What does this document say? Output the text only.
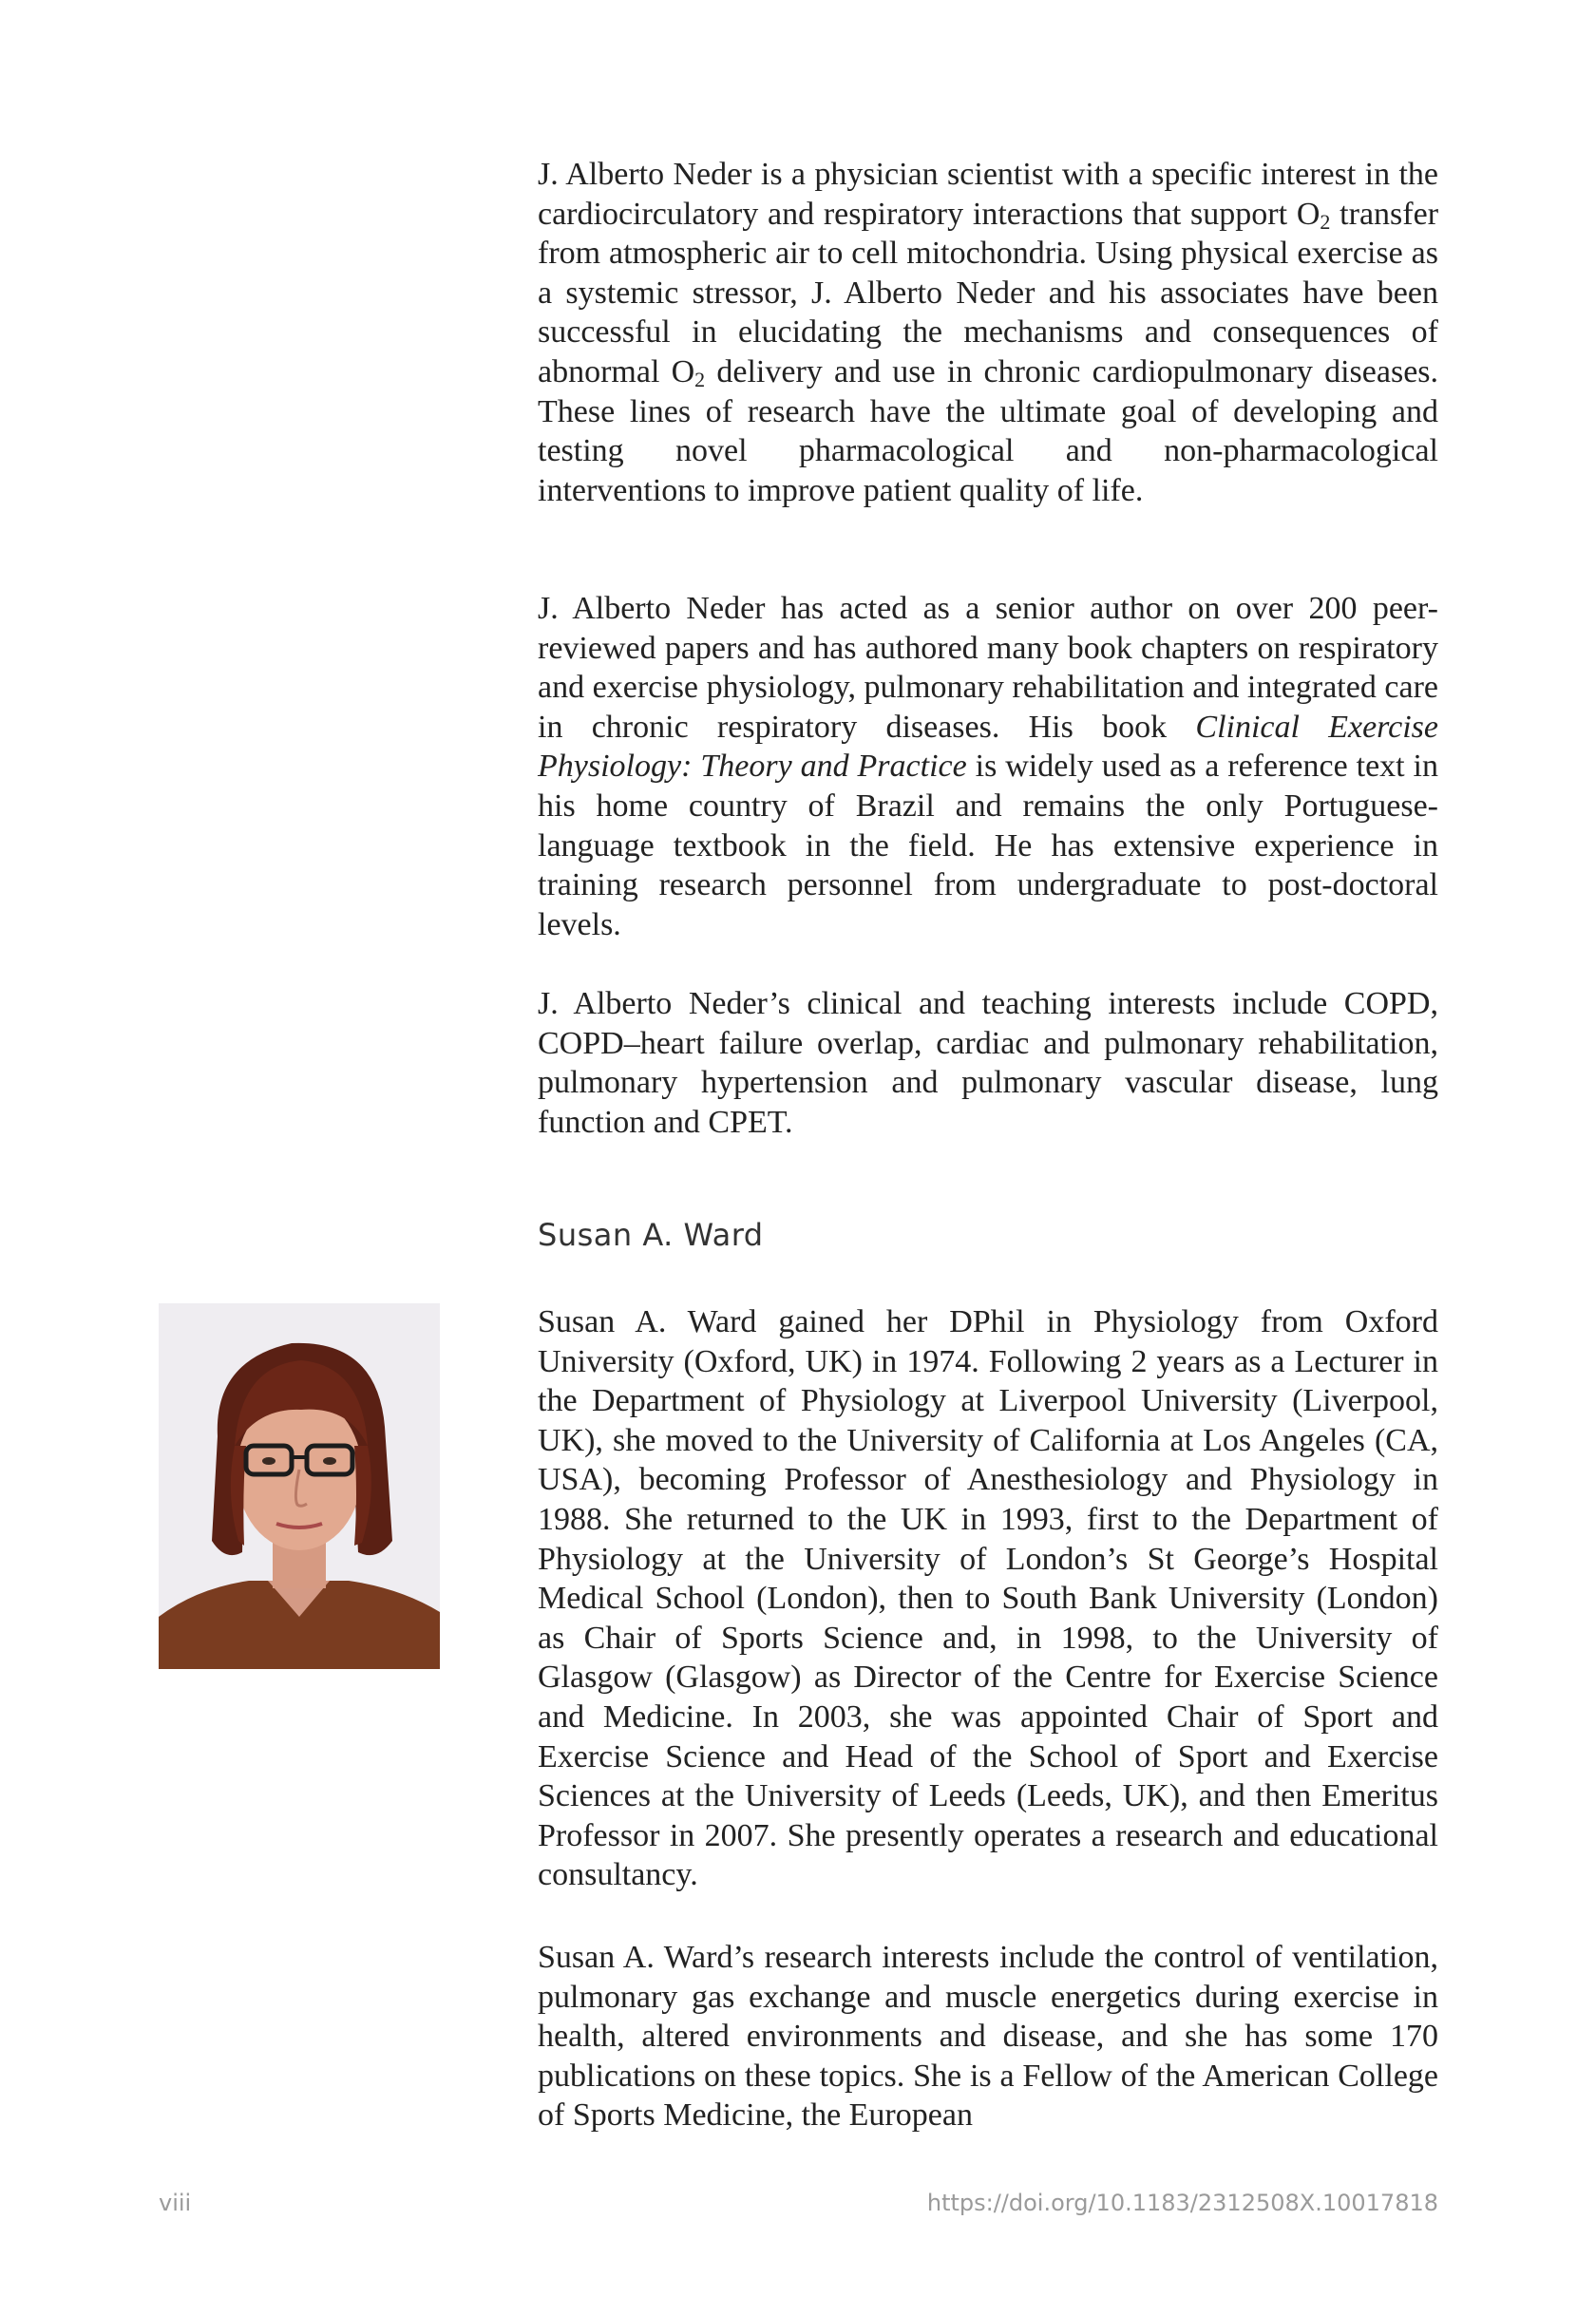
J. Alberto Neder is a physician scientist with a specific interest in the cardiocirculatory and respiratory interactions that support $O_2$ transfer from atmospheric air to cell mitochondria. Using physical exercise as a systemic stressor, J. Alberto Neder and his associates have been successful in elucidating the mechanisms and consequences of abnormal $O_2$ delivery and use in chronic cardiopulmonary diseases. These lines of research have the ultimate goal of developing and testing novel pharmacological and non-pharmacological interventions to improve patient quality of life.

J. Alberto Neder has acted as a senior author on over 200 peer-reviewed papers and has authored many book chapters on respiratory and exercise physiology, pulmonary rehabilitation and integrated care in chronic respiratory diseases. His book Clinical Exercise Physiology: Theory and Practice is widely used as a reference text in his home country of Brazil and remains the only Portuguese-language textbook in the field. He has extensive experience in training research personnel from undergraduate to post-doctoral levels.

J. Alberto Neder’s clinical and teaching interests include COPD, COPD–heart failure overlap, cardiac and pulmonary rehabilitation, pulmonary hypertension and pulmonary vascular disease, lung function and CPET.

Susan A. Ward

Susan A. Ward gained her DPhil in Physiology from Oxford University (Oxford, UK) in 1974. Following 2 years as a Lecturer in the Department of Physiology at Liverpool University (Liverpool, UK), she moved to the University of California at Los Angeles (CA, USA), becoming Professor of Anesthesiology and Physiology in 1988. She returned to the UK in 1993, first to the Department of Physiology at the University of London’s St George’s Hospital Medical School (London), then to South Bank University (London) as Chair of Sports Science and, in 1998, to the University of Glasgow (Glasgow) as Director of the Centre for Exercise Science and Medicine. In 2003, she was appointed Chair of Sport and Exercise Science and Head of the School of Sport and Exercise Sciences at the University of Leeds (Leeds, UK), and then Emeritus Professor in 2007. She presently operates a research and educational consultancy.

Susan A. Ward’s research interests include the control of ventilation, pulmonary gas exchange and muscle energetics during exercise in health, altered environments and disease, and she has some 170 publications on these topics. She is a Fellow of the American College of Sports Medicine, the European

viii	https://doi.org/10.1183/2312508X.10017818
